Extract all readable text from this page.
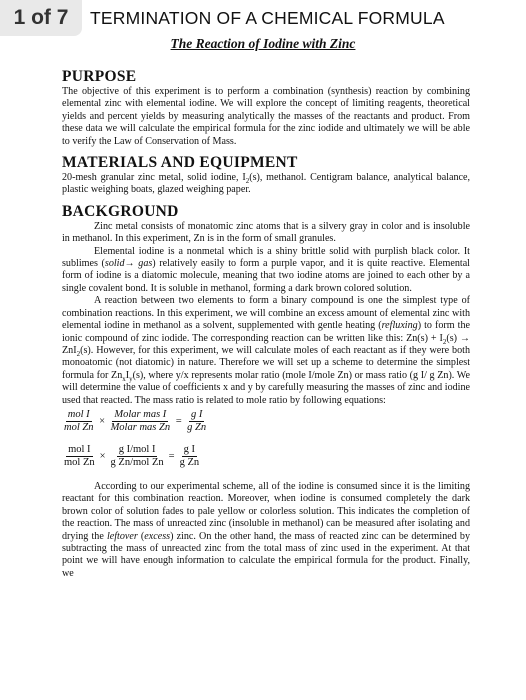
1 of 7	TERMINATION OF A CHEMICAL FORMULA
The Reaction of Iodine with Zinc
PURPOSE

The objective of this experiment is to perform a combination (synthesis) reaction by combining elemental zinc with elemental iodine. We will explore the concept of limiting reagents, theoretical yields and percent yields by measuring analytically the masses of the reactants and product. From these data we will calculate the empirical formula for the zinc iodide and ultimately we will be able to verify the Law of Conservation of Mass.

MATERIALS AND EQUIPMENT

20-mesh granular zinc metal, solid iodine, $I_2(s)$, methanol. Centigram balance, analytical balance, plastic weighing boats, glazed weighing paper.

BACKGROUND

Zinc metal consists of monatomic zinc atoms that is a silvery gray in color and is insoluble in methanol. In this experiment, Zn is in the form of small granules.

Elemental iodine is a nonmetal which is a shiny brittle solid with purplish black color. It sublimes (solid→ gas) relatively easily to form a purple vapor, and it is quite reactive. Elemental form of iodine is a diatomic molecule, meaning that two iodine atoms are joined to each other by a single covalent bond. It is soluble in methanol, forming a dark brown colored solution.

A reaction between two elements to form a binary compound is one the simplest type of combination reactions. In this experiment, we will combine an excess amount of elemental zinc with elemental iodine in methanol as a solvent, supplemented with gentle heating (refluxing) to form the ionic compound of zinc iodide. The corresponding reaction can be written like this: $Zn(s) + I_2(s) \to ZnI_2(s)$. However, for this experiment, we will calculate moles of each reactant as if they were both monoatomic (not diatomic) in nature. Therefore we will set up a scheme to determine the simplest formula for $Zn_xI_y(s)$, where y/x represents molar ratio (mole I/mole Zn) or mass ratio (g I/ g Zn). We will determine the value of coefficients x and y by carefully measuring the masses of zinc and iodine used that reacted. The mass ratio is related to mole ratio by following equations:

$\frac{\text{mol I}}{\text{mol Zn}} \times \frac{\text{Molar mas I}}{\text{Molar mas Zn}} = \frac{\text{g I}}{\text{g Zn}}$
$\frac{\text{mol I}}{\text{mol Zn}} \times \frac{\text{g I/mol I}}{\text{g Zn/mol Zn}} = \frac{\text{g I}}{\text{g Zn}}$

According to our experimental scheme, all of the iodine is consumed since it is the limiting reactant for this combination reaction. Moreover, when iodine is consumed completely the dark brown color of solution fades to pale yellow or colorless solution. This indicates the completion of the reaction. The mass of unreacted zinc (insoluble in methanol) can be measured after isolating and drying the leftover (excess) zinc. On the other hand, the mass of reacted zinc can be determined by subtracting the mass of unreacted zinc from the total mass of zinc used in the experiment. At that point we will have enough information to calculate the empirical formula for the product. Finally, we
